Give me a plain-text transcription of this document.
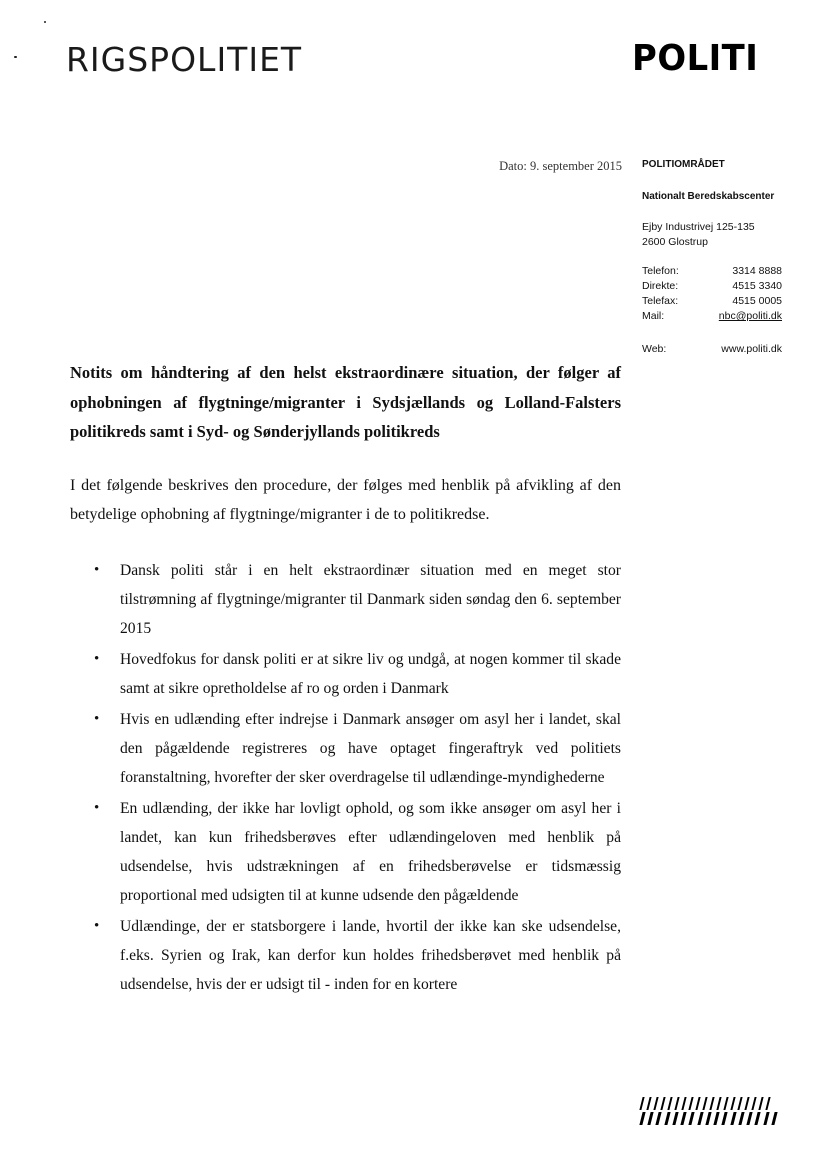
RIGSPOLITIET	POLITI
Dato: 9. september 2015 POLITIOMRÅDET
Nationalt Beredskabscenter
Ejby Industrivej 125-135
2600 Glostrup
Telefon:	3314 8888
Direkte:	4515 3340
Telefax:	4515 0005
Mail:	nbc@politi.dk
Web:	www.politi.dk
Notits om håndtering af den helst ekstraordinære situation, der følger af ophobningen af flygtninge/migranter i Sydsjællands og Lolland-Falsters
politikreds samt i Syd- og Sønderjyllands politikreds
I det følgende beskrives den procedure, der følges med henblik på afvikling af den betydelige ophobning af flygtninge/migranter i de to politikredse.
• Dansk politi står i en helt ekstraordinær situation med en meget stor tilstrømning af flygtninge/migranter til Danmark siden søndag den 6. september 2015
• Hovedfokus for dansk politi er at sikre liv og undgå, at nogen kommer til skade samt at sikre opretholdelse af ro og orden i Danmark
• Hvis en udlænding efter indrejse i Danmark ansøger om asyl her i landet, skal den pågældende registreres og have optaget fingeraftryk ved politiets foranstaltning, hvorefter der sker overdragelse til udlændinge-myndighederne
• En udlænding, der ikke har lovligt ophold, og som ikke ansøger om asyl her i landet, kan kun frihedsberøves efter udlændingeloven med henblik på udsendelse, hvis udstrækningen af en frihedsberøvelse er tidsmæssig proportional med udsigten til at kunne udsende den pågældende
• Udlændinge, der er statsborgere i lande, hvortil der ikke kan ske udsendelse, f.eks. Syrien og Irak, kan derfor kun holdes frihedsberøvet med henblik på udsendelse, hvis der er udsigt til - inden for en kortere
